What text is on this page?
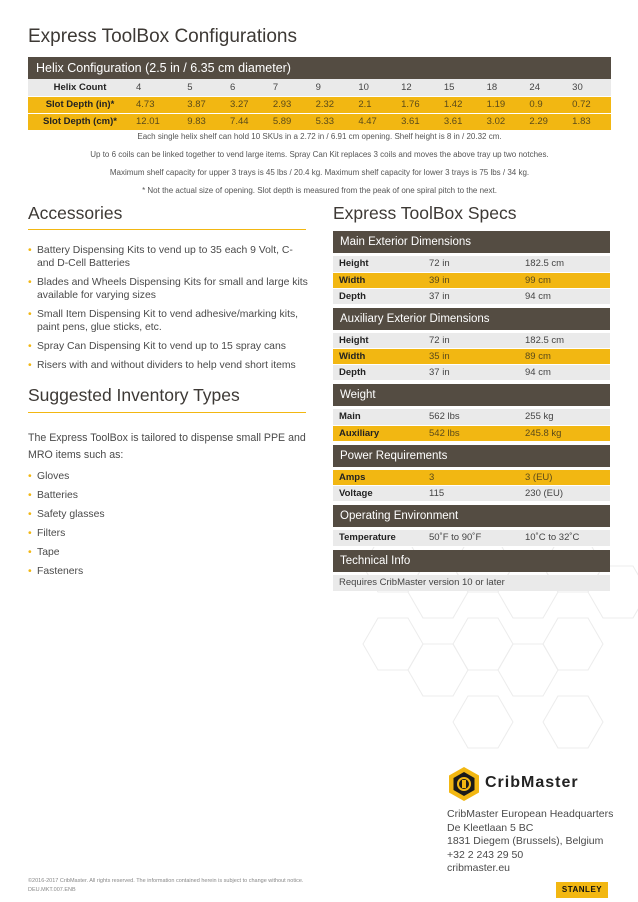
Express ToolBox Configurations
Helix Configuration (2.5 in / 6.35 cm diameter)
Helix Count	4	5	6	7	9	10	12	15	18	24	30
Slot Depth (in)*	4.73	3.87	3.27	2.93	2.32	2.1	1.76	1.42	1.19	0.9	0.72
Slot Depth (cm)*	12.01	9.83	7.44	5.89	5.33	4.47	3.61	3.61	3.02	2.29	1.83

Each single helix shelf can hold 10 SKUs in a 2.72 in / 6.91 cm opening. Shelf height is 8 in / 20.32 cm.

Up to 6 coils can be linked together to vend large items. Spray Can Kit replaces 3 coils and moves the above tray up two notches.

Maximum shelf capacity for upper 3 trays is 45 lbs / 20.4 kg. Maximum shelf capacity for lower 3 trays is 75 lbs / 34 kg.

* Not the actual size of opening. Slot depth is measured from the peak of one spiral pitch to the next.

Accessories
• Battery Dispensing Kits to vend up to 35 each 9 Volt, C- and D-Cell Batteries
• Blades and Wheels Dispensing Kits for small and large kits available for varying sizes
• Small Item Dispensing Kit to vend adhesive/marking kits, paint pens, glue sticks, etc.
• Spray Can Dispensing Kit to vend up to 15 spray cans
• Risers with and without dividers to help vend short items
Suggested Inventory Types

The Express ToolBox is tailored to dispense small PPE and MRO items such as:

• Gloves
• Batteries
• Safety glasses
• Filters
• Tape
• Fasteners
Express ToolBox Specs
Main Exterior Dimensions
Height	72 in	182.5 cm
Width	39 in	99 cm
Depth	37 in	94 cm
Auxiliary Exterior Dimensions
Height	72 in	182.5 cm
Width	35 in	89 cm
Depth	37 in	94 cm
Weight
Main	562 lbs	255 kg
Auxiliary	542 lbs	245.8 kg
Power Requirements
Amps	3	3 (EU)
Voltage	115	230 (EU)
Operating Environment
Temperature	50˚F to 90˚F	10˚C to 32˚C
Technical Info
Requires CribMaster version 10 or later
CribMaster
CribMaster European Headquarters
De Kleetlaan 5 BC
1831 Diegem (Brussels), Belgium
+32 2 243 29 50
cribmaster.eu
©2016-2017 CribMaster. All rights reserved. The information contained herein is subject to change without notice.
DEU.MKT.007.ENB	STANLEY
